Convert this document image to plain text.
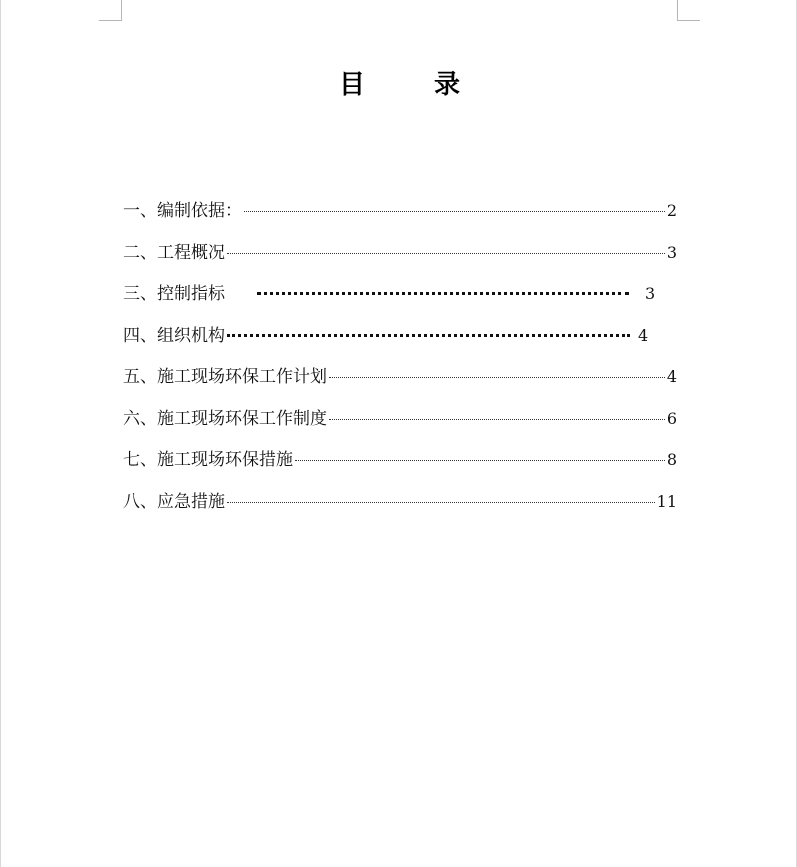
目 录
一、编制依据：	2
二、工程概况	3
三、控制指标	3
四、组织机构	4
五、施工现场环保工作计划	4
六、施工现场环保工作制度	6
七、施工现场环保措施	8
八、应急措施	11
